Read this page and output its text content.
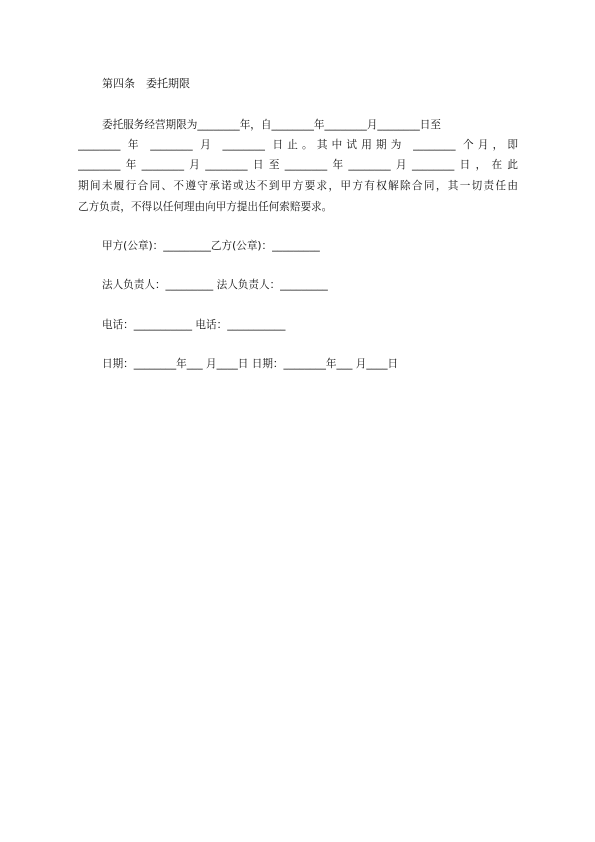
第四条　委托期限
委托服务经营期限为________年，自________年________月________日至
________ 年 ________ 月 ________ 日止。其中试用期为 ________ 个月，即
________年________月________日至________年________月________日，在此
期间未履行合同、不遵守承诺或达不到甲方要求，甲方有权解除合同，其一切责任由
乙方负责，不得以任何理由向甲方提出任何索赔要求。
甲方(公章)：_________乙方(公章)：_________
法人负责人：_________ 法人负责人：_________
电话：___________ 电话：___________
日期：________年___ 月____日 日期：________年___ 月____日
